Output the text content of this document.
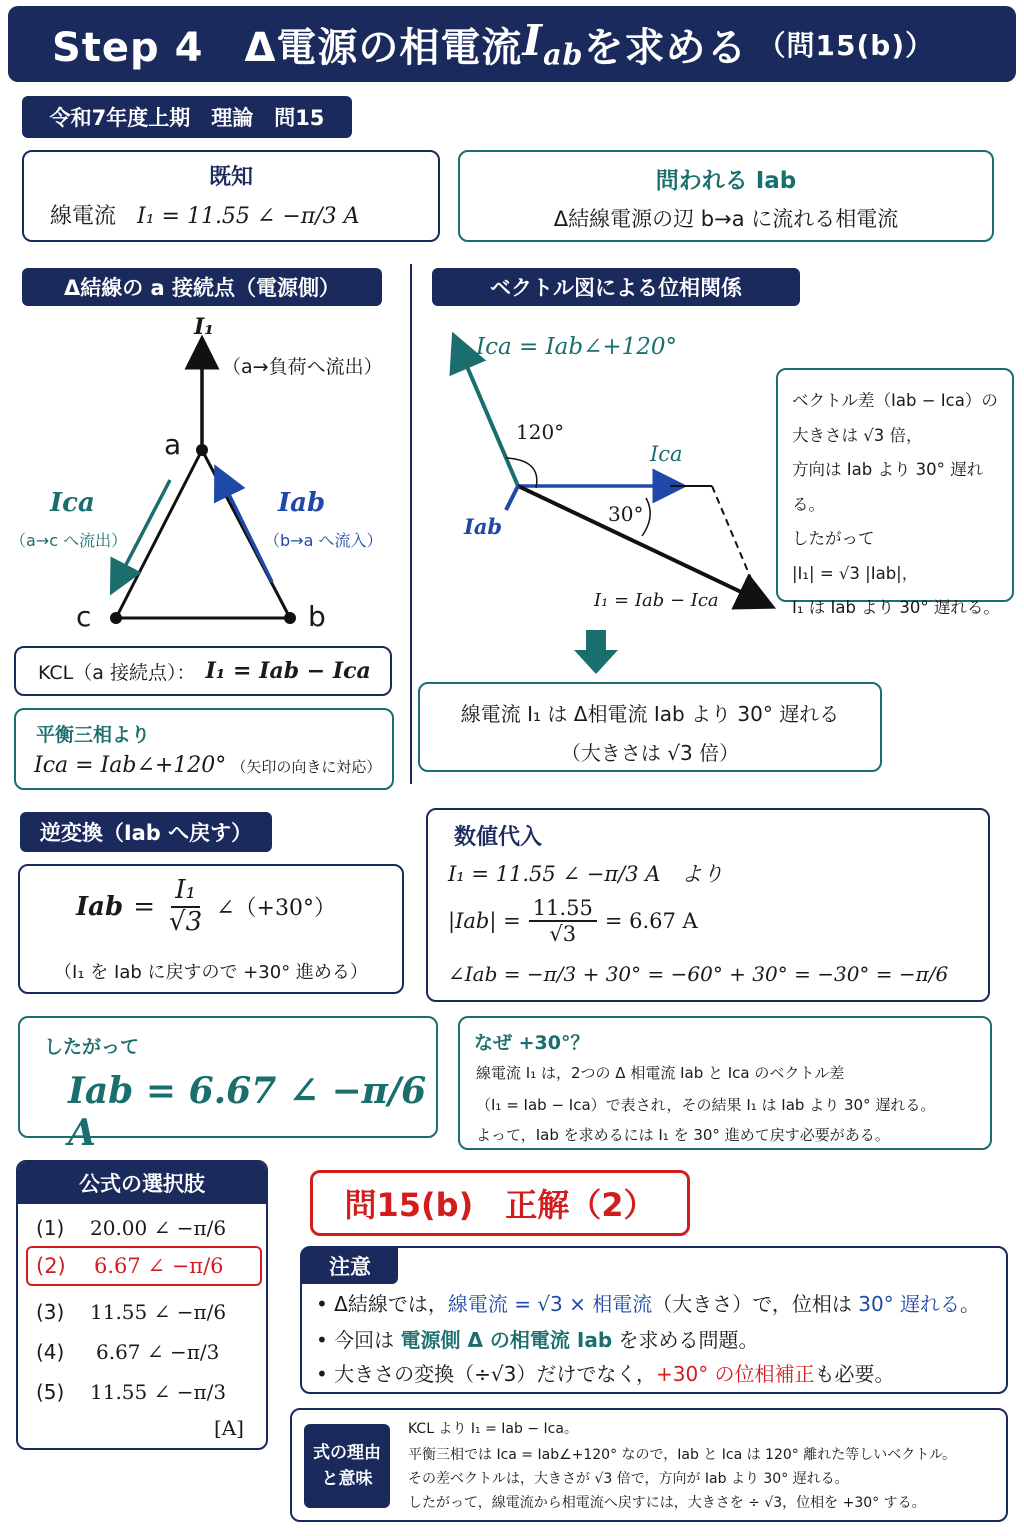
Step 4　Δ電源の相電流 $I_{ab}$ を求める （問15(b)）
令和7年度上期　理論　問15
既知
線電流 I₁ = 11.55 ∠ −π/3 A
問われる Iab
Δ結線電源の辺 b→a に流れる相電流
Δ結線の a 接続点（電源側）	ベクトル図による位相関係
I₁
（a→負荷へ流出）
a
b
c
Ica
（a→c へ流出）
Iab
（b→a へ流入）
KCL（a 接続点）： I₁ = Iab − Ica
平衡三相より
Ica = Iab∠+120° （矢印の向きに対応）
Ica = Iab∠+120°
120°
Ica
30°
Iab
I₁ = Iab − Ica
ベクトル差（Iab − Ica）の
大きさは √3 倍，
方向は Iab より 30° 遅れる。
したがって
|I₁| = √3 |Iab|，
I₁ は Iab より 30° 遅れる。
線電流 I₁ は Δ相電流 Iab より 30° 遅れる
（大きさは √3 倍）
逆変換（Iab へ戻す）
Iab = $\frac{\text{I₁}}{√3}$ ∠（+30°）
（I₁ を Iab に戻すので +30° 進める）
数値代入
I₁ = 11.55 ∠ −π/3 A　より
$|Iab| = \frac{11.55}{√3} = 6.67$ A
∠Iab = −π/3 + 30° = −60° + 30° = −30° = −π/6
したがって
Iab = 6.67 ∠ −π/6 A
なぜ +30°？
線電流 I₁ は，2つの Δ 相電流 Iab と Ica のベクトル差
（I₁ = Iab − Ica）で表され，その結果 I₁ は Iab より 30° 遅れる。
よって，Iab を求めるには I₁ を 30° 進めて戻す必要がある。
公式の選択肢
(1)	20.00 ∠ −π/6
(2)	6.67 ∠ −π/6
(3)	11.55 ∠ −π/6
(4)	6.67 ∠ −π/3
(5)	11.55 ∠ −π/3
[A]
問15(b)　正解（2）
注意
• Δ結線では，線電流 = √3 × 相電流（大きさ）で，位相は 30° 遅れる。
• 今回は 電源側 Δ の相電流 Iab を求める問題。
• 大きさの変換（÷√3）だけでなく，+30° の位相補正も必要。
式の理由
と意味
KCL より I₁ = Iab − Ica。
平衡三相では Ica = Iab∠+120° なので，Iab と Ica は 120° 離れた等しいベクトル。
その差ベクトルは，大きさが √3 倍で，方向が Iab より 30° 遅れる。
したがって，線電流から相電流へ戻すには，大きさを ÷ √3，位相を +30° する。
